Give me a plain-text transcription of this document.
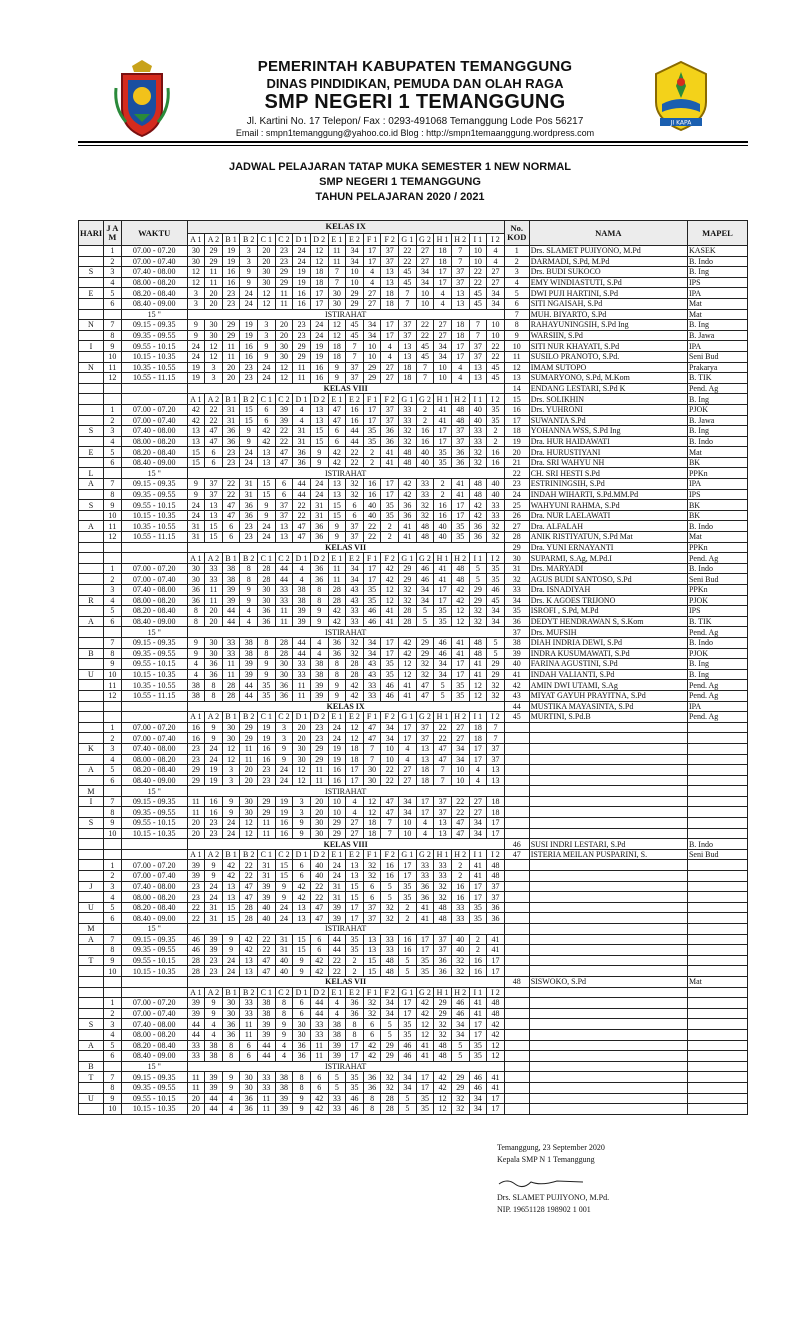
PEMERINTAH KABUPATEN TEMANGGUNG
DINAS PINDIDIKAN, PEMUDA DAN OLAH RAGA
SMP NEGERI 1 TEMANGGUNG
Jl. Kartini No. 17 Telepon/ Fax : 0293-491068 Temanggung Lode Pos 56217
Email : smpn1temanggung@yahoo.co.id Blog : http://smpn1temaanggung.wordpress.com
JI KAPA
JADWAL PELAJARAN TATAP MUKA SEMESTER 1 NEW NORMAL
SMP NEGERI 1 TEMANGGUNG
TAHUN PELAJARAN 2020 / 2021
HARI	J A M	WAKTU	KELAS IX																		No. KOD	NAMA	MAPEL
			A 1	A 2	B 1	B 2	C 1	C 2	D 1	D 2	E 1	E 2	F 1	F 2	G 1	G 2	H 1	H 2	I 1	I 2			
	1	07.00 - 07.20	30	29	19	3	20	23	24	12	11	34	17	37	22	27	18	7	10	4	1	Drs. SLAMET PUJIYONO, M.Pd	KASEK
	2	07.00 - 07.40	30	29	19	3	20	23	24	12	11	34	17	37	22	27	18	7	10	4	2	DARMADI, S.Pd, M.Pd	B. Indo
S	3	07.40 - 08.00	12	11	16	9	30	29	19	18	7	10	4	13	45	34	17	37	22	27	3	Drs. BUDI SUKOCO	B. Ing
	4	08.00 - 08.20	12	11	16	9	30	29	19	18	7	10	4	13	45	34	17	37	22	27	4	EMY WINDIASTUTI, S.Pd	IPS
E	5	08.20 - 08.40	3	20	23	24	12	11	16	17	30	29	27	18	7	10	4	13	45	34	5	DWI PUJI HARTINI, S.Pd	IPA
	6	08.40 - 09.00	3	20	23	24	12	11	16	17	30	29	27	18	7	10	4	13	45	34	6	SITI NGAISAH, S.Pd	Mat
		15 "	ISTIRAHAT																		7	MUH. BIYARTO, S.Pd	Mat
N	7	09.15 - 09.35	9	30	29	19	3	20	23	24	12	45	34	17	37	22	27	18	7	10	8	RAHAYUNINGSIH, S.Pd Ing	B. Ing
	8	09.35 - 09.55	9	30	29	19	3	20	23	24	12	45	34	17	37	22	27	18	7	10	9	WARSIIN, S.Pd	B. Jawa
I	9	09.55 - 10.15	24	12	11	16	9	30	29	19	18	7	10	4	13	45	34	17	37	22	10	SITI NUR KHAYATI, S.Pd	IPA
	10	10.15 - 10.35	24	12	11	16	9	30	29	19	18	7	10	4	13	45	34	17	37	22	11	SUSILO PRANOTO, S.Pd.	Seni Bud
N	11	10.35 - 10.55	19	3	20	23	24	12	11	16	9	37	29	27	18	7	10	4	13	45	12	IMAM SUTOPO	Prakarya
	12	10.55 - 11.15	19	3	20	23	24	12	11	16	9	37	29	27	18	7	10	4	13	45	13	SUMARYONO, S.Pd, M.Kom	B. TIK
			KELAS VIII																		14	ENDANG LESTARI, S.Pd K	Pend. Ag
			A 1	A 2	B 1	B 2	C 1	C 2	D 1	D 2	E 1	E 2	F 1	F 2	G 1	G 2	H 1	H 2	I 1	I 2	15	Drs. SOLIKHIN	B. Ing
	1	07.00 - 07.20	42	22	31	15	6	39	4	13	47	16	17	37	33	2	41	48	40	35	16	Drs. YUHRONI	PJOK
	2	07.00 - 07.40	42	22	31	15	6	39	4	13	47	16	17	37	33	2	41	48	40	35	17	SUWANTA S.Pd	B. Jawa
S	3	07.40 - 08.00	13	47	36	9	42	22	31	15	6	44	35	36	32	16	17	37	33	2	18	YOHANNA WSS, S.Pd Ing	B. Ing
	4	08.00 - 08.20	13	47	36	9	42	22	31	15	6	44	35	36	32	16	17	37	33	2	19	Dra. HUR HAIDAWATI	B. Indo
E	5	08.20 - 08.40	15	6	23	24	13	47	36	9	42	22	2	41	48	40	35	36	32	16	20	Dra. HURUSTIYANI	Mat
	6	08.40 - 09.00	15	6	23	24	13	47	36	9	42	22	2	41	48	40	35	36	32	16	21	Dra. SRI WAHYU NH	BK
L		15 "	ISTIRAHAT																		22	CH. SRI HESTI S.Pd	PPKn
A	7	09.15 - 09.35	9	37	22	31	15	6	44	24	13	32	16	17	42	33	2	41	48	40	23	ESTRININGSIH, S.Pd	IPA
	8	09.35 - 09.55	9	37	22	31	15	6	44	24	13	32	16	17	42	33	2	41	48	40	24	INDAH WIHARTI, S.Pd.MM.Pd	IPS
S	9	09.55 - 10.15	24	13	47	36	9	37	22	31	15	6	40	35	36	32	16	17	42	33	25	WAHYUNI RAHMA, S.Pd	BK
	10	10.15 - 10.35	24	13	47	36	9	37	22	31	15	6	40	35	36	32	16	17	42	33	26	Dra. NUR LAELAWATI	BK
A	11	10.35 - 10.55	31	15	6	23	24	13	47	36	9	37	22	2	41	48	40	35	36	32	27	Dra. ALFALAH	B. Indo
	12	10.55 - 11.15	31	15	6	23	24	13	47	36	9	37	22	2	41	48	40	35	36	32	28	ANIK RISTIYATUN, S.Pd Mat	Mat
			KELAS VII																		29	Dra. YUNI ERNAYANTI	PPKn
			A 1	A 2	B 1	B 2	C 1	C 2	D 1	D 2	E 1	E 2	F 1	F 2	G 1	G 2	H 1	H 2	I 1	I 2	30	SUPARMI, S.Ag, M.Pd.I	Pend. Ag
	1	07.00 - 07.20	30	33	38	8	28	44	4	36	11	34	17	42	29	46	41	48	5	35	31	Drs. MARYADI	B. Indo
	2	07.00 - 07.40	30	33	38	8	28	44	4	36	11	34	17	42	29	46	41	48	5	35	32	AGUS BUDI SANTOSO, S.Pd	Seni Bud
	3	07.40 - 08.00	36	11	39	9	30	33	38	8	28	43	35	12	32	34	17	42	29	46	33	Dra. ISNADIYAH	PPKn
R	4	08.00 - 08.20	36	11	39	9	30	33	38	8	28	43	35	12	32	34	17	42	29	45	34	Drs. K AGOES TRIJONO	PJOK
	5	08.20 - 08.40	8	20	44	4	36	11	39	9	42	33	46	41	28	5	35	12	32	34	35	ISROFI , S.Pd, M.Pd	IPS
A	6	08.40 - 09.00	8	20	44	4	36	11	39	9	42	33	46	41	28	5	35	12	32	34	36	DEDYT HENDRAWAN S, S.Kom	B. TIK
		15 "	ISTIRAHAT																		37	Drs. MUFSIH	Pend. Ag
	7	09.15 - 09.35	9	30	33	38	8	28	44	4	36	32	34	17	42	29	46	41	48	5	38	DIAH INDRIA DEWI, S.Pd	B. Indo
B	8	09.35 - 09.55	9	30	33	38	8	28	44	4	36	32	34	17	42	29	46	41	48	5	39	INDRA KUSUMAWATI, S.Pd	PJOK
	9	09.55 - 10.15	4	36	11	39	9	30	33	38	8	28	43	35	12	32	34	17	41	29	40	FARINA AGUSTINI, S.Pd	B. Ing
U	10	10.15 - 10.35	4	36	11	39	9	30	33	38	8	28	43	35	12	32	34	17	41	29	41	INDAH VALIANTI, S.Pd	B. Ing
	11	10.35 - 10.55	38	8	28	44	35	36	11	39	9	42	33	46	41	47	5	35	12	32	42	AMIN DWI UTAMI, S.Ag	Pend. Ag
	12	10.55 - 11.15	38	8	28	44	35	36	11	39	9	42	33	46	41	47	5	35	12	32	43	MIYAT GAYUH PRAYITNA, S.Pd	Pend. Ag
			KELAS IX																		44	MUSTIKA MAYASINTA, S.Pd	IPA
			A 1	A 2	B 1	B 2	C 1	C 2	D 1	D 2	E 1	E 2	F 1	F 2	G 1	G 2	H 1	H 2	I 1	I 2	45	MURTINI, S.Pd.B	Pend. Ag
	1	07.00 - 07.20	16	9	30	29	19	3	20	23	24	12	47	34	17	37	22	27	18	7			
	2	07.00 - 07.40	16	9	30	29	19	3	20	23	24	12	47	34	17	37	22	27	18	7			
K	3	07.40 - 08.00	23	24	12	11	16	9	30	29	19	18	7	10	4	13	47	34	17	37			
	4	08.00 - 08.20	23	24	12	11	16	9	30	29	19	18	7	10	4	13	47	34	17	37			
A	5	08.20 - 08.40	29	19	3	20	23	24	12	11	16	17	30	22	27	18	7	10	4	13			
	6	08.40 - 09.00	29	19	3	20	23	24	12	11	16	17	30	22	27	18	7	10	4	13			
M		15 "	ISTIRAHAT																				
I	7	09.15 - 09.35	11	16	9	30	29	19	3	20	10	4	12	47	34	17	37	22	27	18			
	8	09.35 - 09.55	11	16	9	30	29	19	3	20	10	4	12	47	34	17	37	22	27	18			
S	9	09.55 - 10.15	20	23	24	12	11	16	9	30	29	27	18	7	10	4	13	47	34	17			
	10	10.15 - 10.35	20	23	24	12	11	16	9	30	29	27	18	7	10	4	13	47	34	17			
			KELAS VIII																		46	SUSI INDRI LESTARI, S.Pd	B. Indo
			A 1	A 2	B 1	B 2	C 1	C 2	D 1	D 2	E 1	E 2	F 1	F 2	G 1	G 2	H 1	H 2	I 1	I 2	47	ISTERIA MEILAN PUSPARINI, S.	Seni Bud
	1	07.00 - 07.20	39	9	42	22	31	15	6	40	24	13	32	16	17	33	33	2	41	48			
	2	07.00 - 07.40	39	9	42	22	31	15	6	40	24	13	32	16	17	33	33	2	41	48			
J	3	07.40 - 08.00	23	24	13	47	39	9	42	22	31	15	6	5	35	36	32	16	17	37			
	4	08.00 - 08.20	23	24	13	47	39	9	42	22	31	15	6	5	35	36	32	16	17	37			
U	5	08.20 - 08.40	22	31	15	28	40	24	13	47	39	17	37	32	2	41	48	33	35	36			
	6	08.40 - 09.00	22	31	15	28	40	24	13	47	39	17	37	32	2	41	48	33	35	36			
M		15 "	ISTIRAHAT																				
A	7	09.15 - 09.35	46	39	9	42	22	31	15	6	44	35	13	33	16	17	37	40	2	41			
	8	09.35 - 09.55	46	39	9	42	22	31	15	6	44	35	13	33	16	17	37	40	2	41			
T	9	09.55 - 10.15	28	23	24	13	47	40	9	42	22	2	15	48	5	35	36	32	16	17			
	10	10.15 - 10.35	28	23	24	13	47	40	9	42	22	2	15	48	5	35	36	32	16	17			
			KELAS VII																		48	SISWOKO, S.Pd	Mat
			A 1	A 2	B 1	B 2	C 1	C 2	D 1	D 2	E 1	E 2	F 1	F 2	G 1	G 2	H 1	H 2	I 1	I 2			
	1	07.00 - 07.20	39	9	30	33	38	8	6	44	4	36	32	34	17	42	29	46	41	48			
	2	07.00 - 07.40	39	9	30	33	38	8	6	44	4	36	32	34	17	42	29	46	41	48			
S	3	07.40 - 08.00	44	4	36	11	39	9	30	33	38	8	6	5	35	12	32	34	17	42			
	4	08.00 - 08.20	44	4	36	11	39	9	30	33	38	8	6	5	35	12	32	34	17	42			
A	5	08.20 - 08.40	33	38	8	6	44	4	36	11	39	17	42	29	46	41	48	5	35	12			
	6	08.40 - 09.00	33	38	8	6	44	4	36	11	39	17	42	29	46	41	48	5	35	12			
B		15 "	ISTIRAHAT																				
T	7	09.15 - 09.35	11	39	9	30	33	38	8	6	5	35	36	32	34	17	42	29	46	41			
	8	09.35 - 09.55	11	39	9	30	33	38	8	6	5	35	36	32	34	17	42	29	46	41			
U	9	09.55 - 10.15	20	44	4	36	11	39	9	42	33	46	8	28	5	35	12	32	34	17			
	10	10.15 - 10.35	20	44	4	36	11	39	9	42	33	46	8	28	5	35	12	32	34	17			
Temanggung, 23 September 2020
Kepala SMP N 1 Temanggung
Drs. SLAMET PUJIYONO, M.Pd.
NIP. 19651128 198902 1 001
